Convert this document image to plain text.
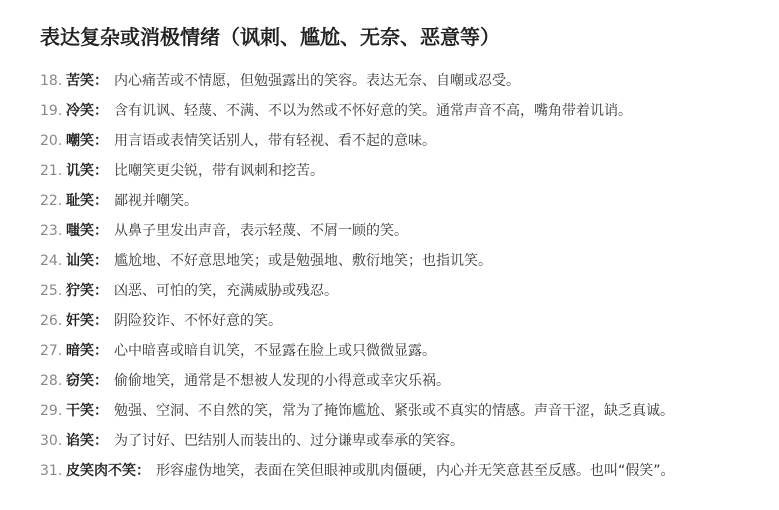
表达复杂或消极情绪（讽刺、尴尬、无奈、恶意等）
18. 苦笑： 内心痛苦或不情愿，但勉强露出的笑容。表达无奈、自嘲或忍受。
19. 冷笑： 含有讥讽、轻蔑、不满、不以为然或不怀好意的笑。通常声音不高，嘴角带着讥诮。
20. 嘲笑： 用言语或表情笑话别人，带有轻视、看不起的意味。
21. 讥笑： 比嘲笑更尖锐，带有讽刺和挖苦。
22. 耻笑： 鄙视并嘲笑。
23. 嗤笑： 从鼻子里发出声音，表示轻蔑、不屑一顾的笑。
24. 讪笑： 尴尬地、不好意思地笑；或是勉强地、敷衍地笑；也指讥笑。
25. 狞笑： 凶恶、可怕的笑，充满威胁或残忍。
26. 奸笑： 阴险狡诈、不怀好意的笑。
27. 暗笑： 心中暗喜或暗自讥笑，不显露在脸上或只微微显露。
28. 窃笑： 偷偷地笑，通常是不想被人发现的小得意或幸灾乐祸。
29. 干笑： 勉强、空洞、不自然的笑，常为了掩饰尴尬、紧张或不真实的情感。声音干涩，缺乏真诚。
30. 谄笑： 为了讨好、巴结别人而装出的、过分谦卑或奉承的笑容。
31. 皮笑肉不笑： 形容虚伪地笑，表面在笑但眼神或肌肉僵硬，内心并无笑意甚至反感。也叫“假笑”。
